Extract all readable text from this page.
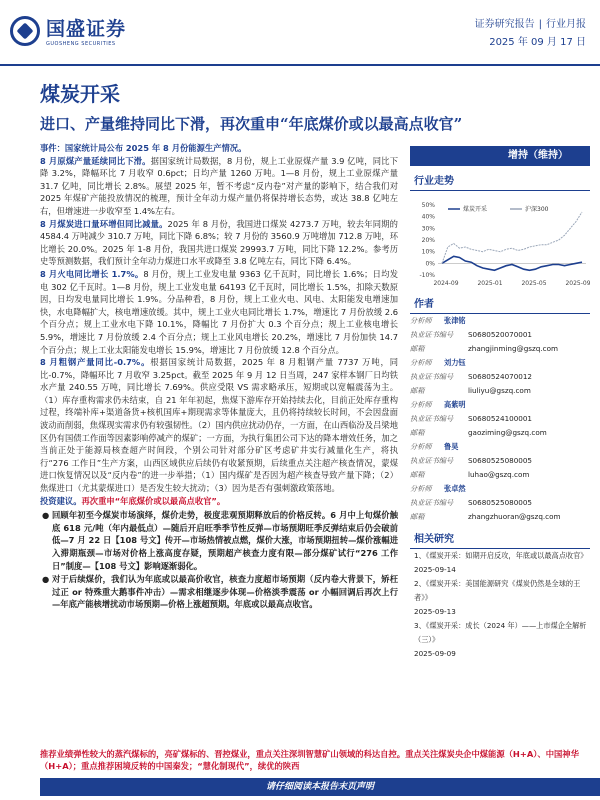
国盛证券
GUOSHENG SECURITIES
证券研究报告 | 行业月报
2025 年 09 月 17 日
煤炭开采
进口、产量维持同比下滑，再次重申“年底煤价或以最高点收官”

事件：国家统计局公布 2025 年 8 月份能源生产情况。

8 月原煤产量延续同比下滑。据国家统计局数据，8 月份，规上工业原煤产量 3.9 亿吨，同比下降 3.2%，降幅环比 7 月收窄 0.6pct；日均产量 1260 万吨。1—8 月份，规上工业原煤产量 31.7 亿吨，同比增长 2.8%。展望 2025 年，暂不考虑“反内卷”对产量的影响下，结合我们对 2025 年煤矿产能投放情况的梳理，预计全年动力煤产量仍将保持增长态势，或达 38.8 亿吨左右，但增速进一步收窄至 1.4%左右。

8 月煤炭进口量环增但同比减量。2025 年 8 月份，我国进口煤炭 4273.7 万吨，较去年同期的 4584.4 万吨减少 310.7 万吨，同比下降 6.8%；较 7 月份的 3560.9 万吨增加 712.8 万吨，环比增长 20.0%。2025 年 1-8 月份，我国共进口煤炭 29993.7 万吨，同比下降 12.2%。参考历史等预测数据，我们预计全年动力煤进口水平或降至 3.8 亿吨左右，同比下降 6.4%。

8 月火电同比增长 1.7%。8 月份，规上工业发电量 9363 亿千瓦时，同比增长 1.6%；日均发电 302 亿千瓦时。1—8 月份，规上工业发电量 64193 亿千瓦时，同比增长 1.5%，扣除天数原因，日均发电量同比增长 1.9%。分品种看，8 月份，规上工业火电、风电、太阳能发电增速加快，水电降幅扩大，核电增速放缓。其中，规上工业火电同比增长 1.7%，增速比 7 月份放缓 2.6 个百分点；规上工业水电下降 10.1%，降幅比 7 月份扩大 0.3 个百分点；规上工业核电增长 5.9%，增速比 7 月份放缓 2.4 个百分点；规上工业风电增长 20.2%，增速比 7 月份加快 14.7 个百分点；规上工业太阳能发电增长 15.9%，增速比 7 月份放缓 12.8 个百分点。

8 月粗钢产量同比-0.7%。根据国家统计局数据，2025 年 8 月粗钢产量 7737 万吨，同比-0.7%，降幅环比 7 月收窄 3.25pct。截至 2025 年 9 月 12 日当周，247 家样本钢厂日均铁水产量 240.55 万吨，同比增长 7.69%。供应受限 VS 需求略承压，短期或以宽幅震荡为主。（1）库存重构需求仍未结束，自 21 年年初起，焦煤下游库存开始持续去化，目前正处库存重构过程，终端补库+渠道备货+核机国库+期现需求等体量庞大，且仍将持续较长时间，不会因盘面波动而削弱，焦煤现实需求仍有较强韧性。（2）国内供应扰动仍存，一方面，在山西临汾及吕梁地区仍有国债工作面等因素影响停减产的煤矿；一方面，为执行集团公司下达的降本增效任务，加之当前正处于能源局核查超产时间段，个别公司针对部分矿区考虑矿井实行减量化生产，将执行“276 工作日”生产方案，山西区域供应后续仍有收紧预期，后续重点关注超产核查情况，蒙煤进口恢复情况以及“反内卷”的进一步举措；（1）国内煤矿是否因为超产核查导致产量下降；（2）焦煤进口（尤其蒙煤进口）是否发生较大扰动；（3）因为是否有强刺激政策落地。

投资建议。再次重申“年底煤价或以最高点收官”。

● 回顾年初至今煤炭市场演绎，煤价走势，极度悲观预期释放后的价格反转。6 月中上旬煤价触底 618 元/吨（年内最低点）—随后开启旺季季节性反弹—市场预期旺季反弹结束后仍会破前低—7 月 22 日【108 号文】传开—市场热情被点燃，煤价大涨，市场预期扭转—煤价涨幅进入滞期瓶颈—市场对价格上涨高度存疑，预期超产核查力度有限—部分煤矿试行“276 工作日”制度—【108 号文】影响逐渐弱化。
● 对于后续煤价，我们认为年底或以最高价收官，核查力度超市场预期（反内卷大背景下，矫枉过正 or 特殊重大鹅事件冲击）—需求相继逐步体现—价格淡季震荡 or 小幅回调后再次上行—年底产能核增扰动市场预期—价格上涨超预期。年底或以最高点收官。
推荐业绩弹性较大的蒸汽煤标的，亮矿煤标的、晋控煤业，重点关注深圳智慧矿山领域的科达自控。重点关注煤炭央企中煤能源（H+A）、中国神华（H+A）；重点推荐困境反转的中国秦发；“慧化制现代”，续优的陕西
增持（维持）
行业走势
50%
40%
30%
20%
10%
0%
-10%
2024-09	2025-01	2025-05	2025-09
煤炭开采	沪深300
作者
分析师	张津铭
执业证书编号	S0680520070001
邮箱	zhangjinming@gszq.com
分析师	刘力钰
执业证书编号	S0680524070012
邮箱	liuliyu@gszq.com
分析师	高紫明
执业证书编号	S0680524100001
邮箱	gaoziming@gszq.com
分析师	鲁昊
执业证书编号	S0680525080005
邮箱	luhao@gszq.com
分析师	张卓然
执业证书编号	S0680525080005
邮箱	zhangzhuoran@gszq.com
相关研究
1、《煤炭开采：如期开启反攻，年底或以最高点收官》
2025-09-14
2、《煤炭开采：美国能源研究《煤炭仍然是全球的王者》》
2025-09-13
3、《煤炭开采：成长（2024 年）——上市煤企全解析（三）》
2025-09-09
请仔细阅读本报告末页声明
